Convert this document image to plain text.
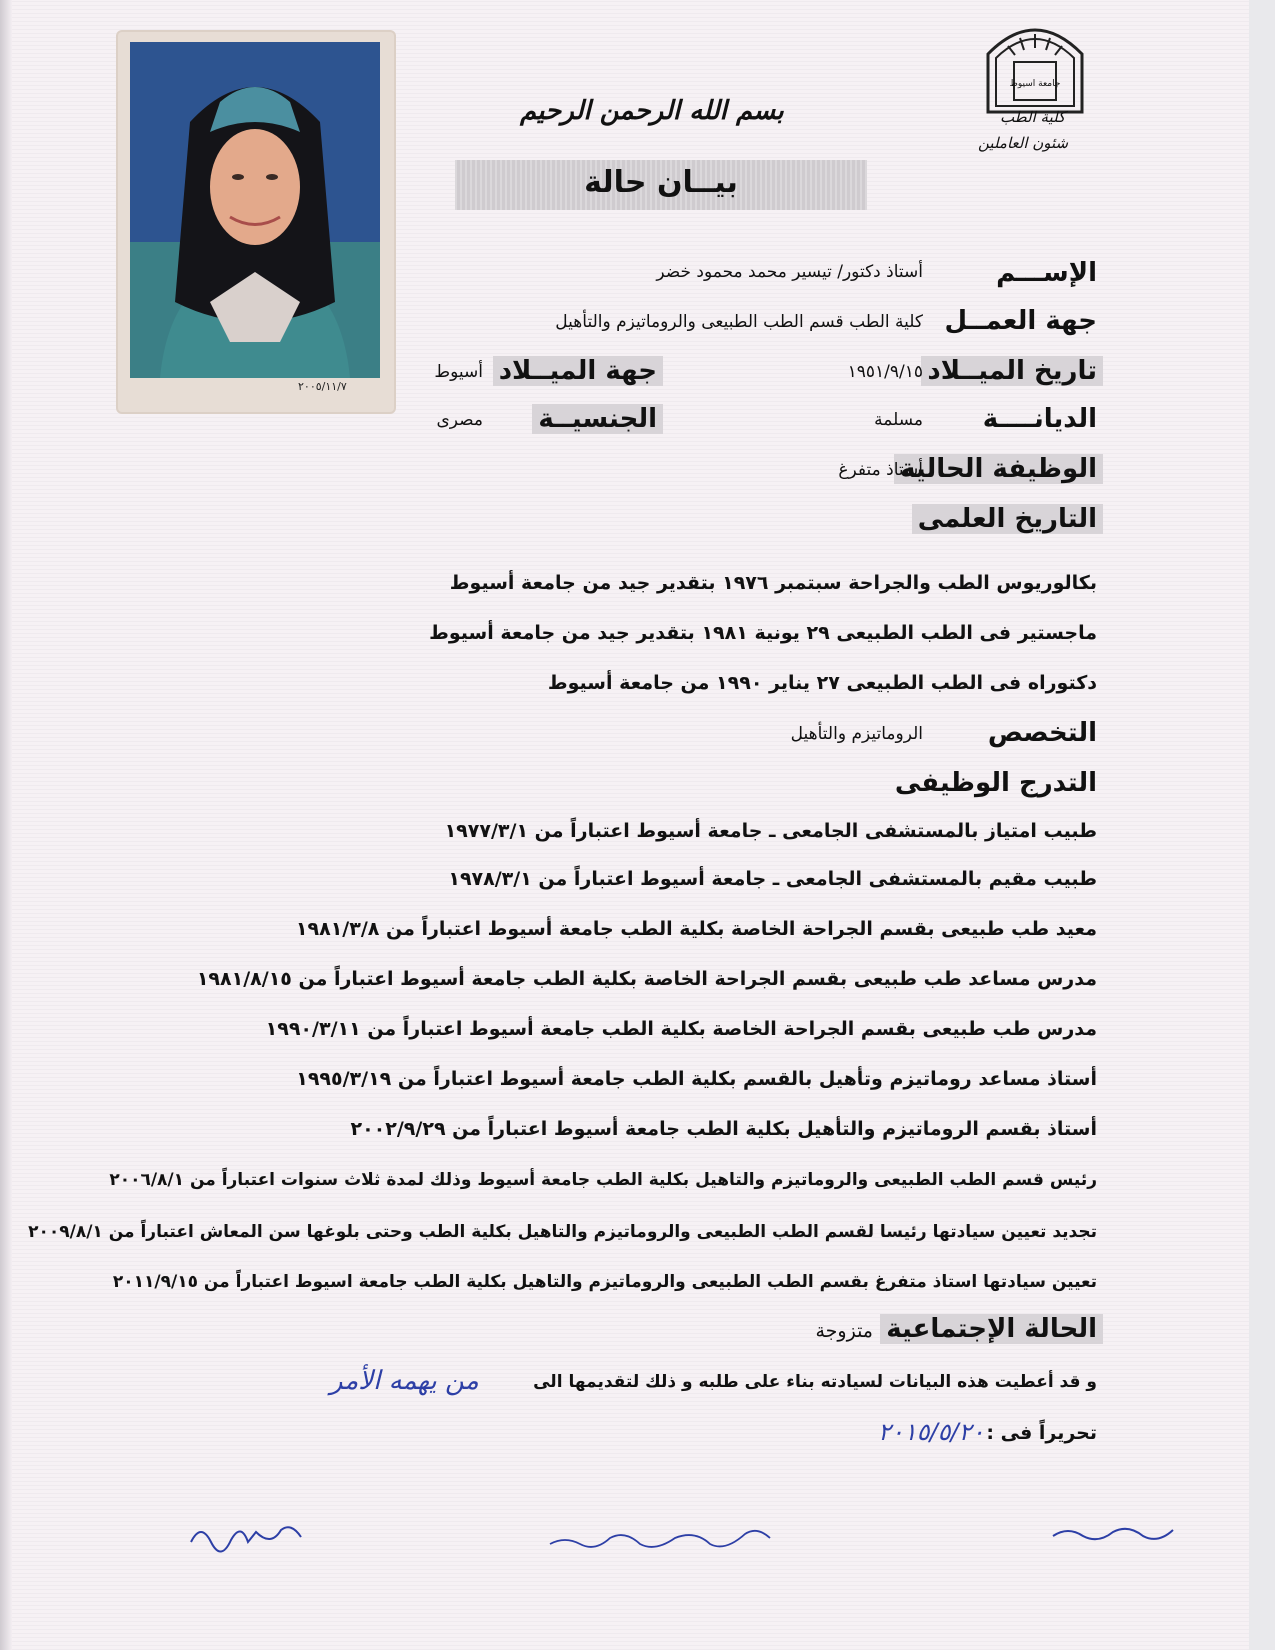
جامعة اسيوط
كلية الطب
شئون العاملين
بسم الله الرحمن الرحيم
بيــان حالة
٢٠٠٥/١١/٧
الإســـم
أستاذ دكتور/ تيسير محمد محمود خضر
جهة العمــل
كلية الطب قسم الطب الطبيعى والروماتيزم والتأهيل
تاريخ الميــلاد
١٩٥١/٩/١٥
جهة الميــلاد
أسيوط
الديانــــة
مسلمة
الجنسيــة
مصرى
الوظيفة الحالية
أستاذ متفرغ
التاريخ العلمى
بكالوريوس الطب والجراحة سبتمبر ١٩٧٦ بتقدير جيد من جامعة أسيوط
ماجستير فى الطب الطبيعى ٢٩ يونية ١٩٨١ بتقدير جيد من جامعة أسيوط
دكتوراه فى الطب الطبيعى ٢٧ يناير ١٩٩٠ من جامعة أسيوط
التخصص
الروماتيزم والتأهيل
التدرج الوظيفى
طبيب امتياز بالمستشفى الجامعى ـ جامعة أسيوط اعتباراً من ١٩٧٧/٣/١
طبيب مقيم بالمستشفى الجامعى ـ جامعة أسيوط اعتباراً من ١٩٧٨/٣/١
معيد طب طبيعى بقسم الجراحة الخاصة بكلية الطب جامعة أسيوط اعتباراً من ١٩٨١/٣/٨
مدرس مساعد طب طبيعى بقسم الجراحة الخاصة بكلية الطب جامعة أسيوط اعتباراً من ١٩٨١/٨/١٥
مدرس طب طبيعى بقسم الجراحة الخاصة بكلية الطب جامعة أسيوط اعتباراً من ١٩٩٠/٣/١١
أستاذ مساعد روماتيزم وتأهيل بالقسم بكلية الطب جامعة أسيوط اعتباراً من ١٩٩٥/٣/١٩
أستاذ بقسم الروماتيزم والتأهيل بكلية الطب جامعة أسيوط اعتباراً من ٢٠٠٢/٩/٢٩
رئيس قسم الطب الطبيعى والروماتيزم والتاهيل بكلية الطب جامعة أسيوط وذلك لمدة ثلاث سنوات اعتباراً من ٢٠٠٦/٨/١
تجديد تعيين سيادتها رئيسا لقسم الطب الطبيعى والروماتيزم والتاهيل بكلية الطب وحتى بلوغها سن المعاش اعتباراً من ٢٠٠٩/٨/١
تعيين سيادتها استاذ متفرغ بقسم الطب الطبيعى والروماتيزم والتاهيل بكلية الطب جامعة اسيوط اعتباراً من ٢٠١١/٩/١٥
الحالة الإجتماعية
متزوجة
و قد أعطيت هذه البيانات لسيادته بناء على طلبه و ذلك لتقديمها الى
من يهمه الأمر
تحريراً فى :
٢٠١٥/٥/٢٠
